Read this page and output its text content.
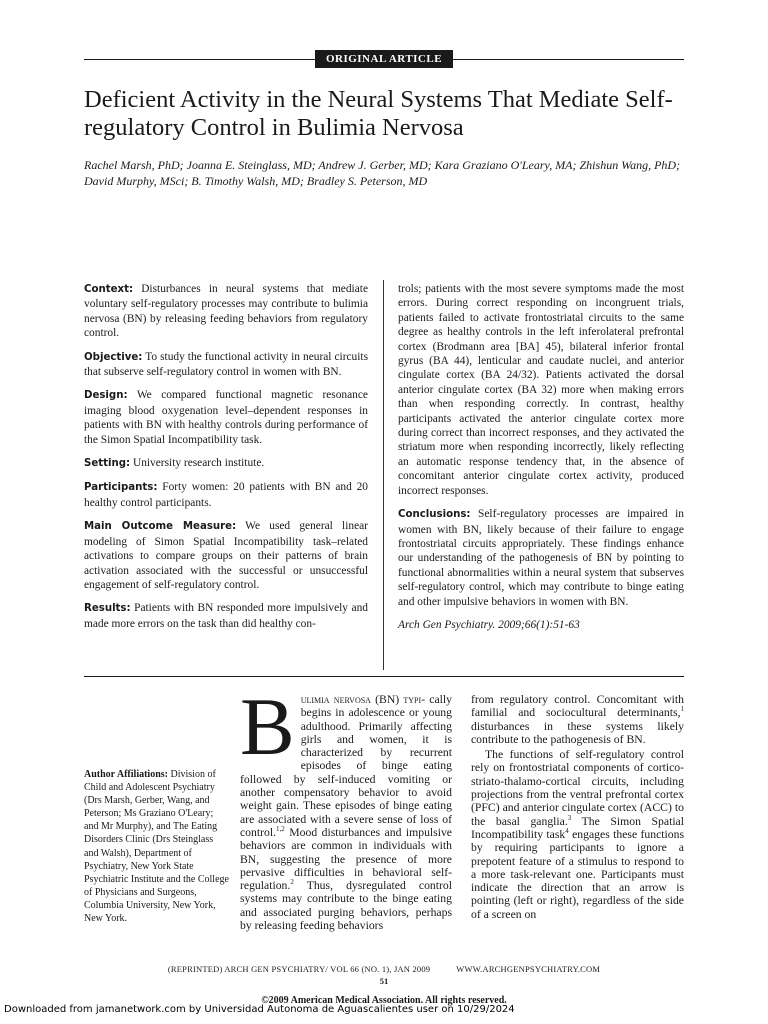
ORIGINAL ARTICLE
Deficient Activity in the Neural Systems That Mediate Self-regulatory Control in Bulimia Nervosa
Rachel Marsh, PhD; Joanna E. Steinglass, MD; Andrew J. Gerber, MD; Kara Graziano O'Leary, MA; Zhishun Wang, PhD; David Murphy, MSci; B. Timothy Walsh, MD; Bradley S. Peterson, MD

Context: Disturbances in neural systems that mediate voluntary self-regulatory processes may contribute to bulimia nervosa (BN) by releasing feeding behaviors from regulatory control.

Objective: To study the functional activity in neural circuits that subserve self-regulatory control in women with BN.

Design: We compared functional magnetic resonance imaging blood oxygenation level–dependent responses in patients with BN with healthy controls during performance of the Simon Spatial Incompatibility task.

Setting: University research institute.

Participants: Forty women: 20 patients with BN and 20 healthy control participants.

Main Outcome Measure: We used general linear modeling of Simon Spatial Incompatibility task–related activations to compare groups on their patterns of brain activation associated with the successful or unsuccessful engagement of self-regulatory control.

Results: Patients with BN responded more impulsively and made more errors on the task than did healthy con-

trols; patients with the most severe symptoms made the most errors. During correct responding on incongruent trials, patients failed to activate frontostriatal circuits to the same degree as healthy controls in the left inferolateral prefrontal cortex (Brodmann area [BA] 45), bilateral inferior frontal gyrus (BA 44), lenticular and caudate nuclei, and anterior cingulate cortex (BA 24/32). Patients activated the dorsal anterior cingulate cortex (BA 32) more when making errors than when responding correctly. In contrast, healthy participants activated the anterior cingulate cortex more during correct than incorrect responses, and they activated the striatum more when responding incorrectly, likely reflecting an automatic response tendency that, in the absence of concomitant anterior cingulate cortex activity, produced incorrect responses.

Conclusions: Self-regulatory processes are impaired in women with BN, likely because of their failure to engage frontostriatal circuits appropriately. These findings enhance our understanding of the pathogenesis of BN by pointing to functional abnormalities within a neural system that subserves self-regulatory control, which may contribute to binge eating and other impulsive behaviors in women with BN.

Arch Gen Psychiatry. 2009;66(1):51-63

Author Affiliations: Division of Child and Adolescent Psychiatry (Drs Marsh, Gerber, Wang, and Peterson; Ms Graziano O'Leary; and Mr Murphy), and The Eating Disorders Clinic (Drs Steinglass and Walsh), Department of Psychiatry, New York State Psychiatric Institute and the College of Physicians and Surgeons, Columbia University, New York, New York.

Bulimia nervosa (BN) typi- cally begins in adolescence or young adulthood. Primarily affecting girls and women, it is characterized by recurrent episodes of binge eating followed by self-induced vomiting or another compensatory behavior to avoid weight gain. These episodes of binge eating are associated with a severe sense of loss of control.$^{1,2}$ Mood disturbances and impulsive behaviors are common in individuals with BN, suggesting the presence of more pervasive difficulties in behavioral self-regulation.$^2$ Thus, dysregulated control systems may contribute to the binge eating and associated purging behaviors, perhaps by releasing feeding behaviors

from regulatory control. Concomitant with familial and sociocultural determinants,$^1$ disturbances in these systems likely contribute to the pathogenesis of BN.

The functions of self-regulatory control rely on frontostriatal components of cortico-striato-thalamo-cortical circuits, including projections from the ventral prefrontal cortex (PFC) and anterior cingulate cortex (ACC) to the basal ganglia.$^3$ The Simon Spatial Incompatibility task$^4$ engages these functions by requiring participants to ignore a prepotent feature of a stimulus to respond to a more task-relevant one. Participants must indicate the direction that an arrow is pointing (left or right), regardless of the side of a screen on

(REPRINTED) ARCH GEN PSYCHIATRY/ VOL 66 (NO. 1), JAN 2009	WWW.ARCHGENPSYCHIATRY.COM
51
©2009 American Medical Association. All rights reserved.
Downloaded from jamanetwork.com by Universidad Autonoma de Aguascalientes user on 10/29/2024
